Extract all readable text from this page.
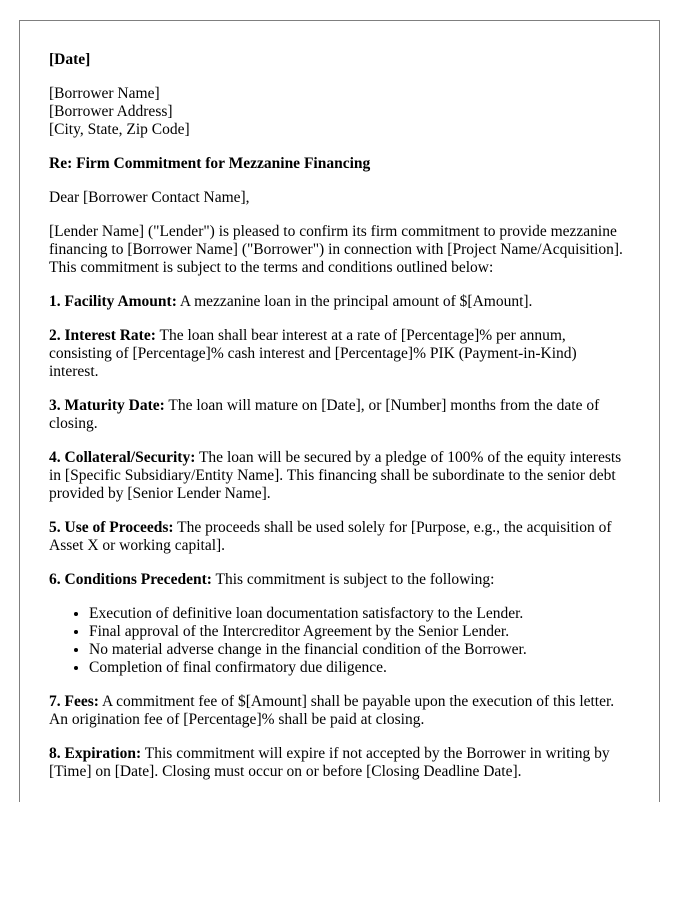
[Date]

[Borrower Name]
[Borrower Address]
[City, State, Zip Code]

Re: Firm Commitment for Mezzanine Financing

Dear [Borrower Contact Name],

[Lender Name] ("Lender") is pleased to confirm its firm commitment to provide mezzanine financing to [Borrower Name] ("Borrower") in connection with [Project Name/Acquisition]. This commitment is subject to the terms and conditions outlined below:

1. Facility Amount: A mezzanine loan in the principal amount of $[Amount].

2. Interest Rate: The loan shall bear interest at a rate of [Percentage]% per annum, consisting of [Percentage]% cash interest and [Percentage]% PIK (Payment-in-Kind) interest.

3. Maturity Date: The loan will mature on [Date], or [Number] months from the date of closing.

4. Collateral/Security: The loan will be secured by a pledge of 100% of the equity interests in [Specific Subsidiary/Entity Name]. This financing shall be subordinate to the senior debt provided by [Senior Lender Name].

5. Use of Proceeds: The proceeds shall be used solely for [Purpose, e.g., the acquisition of Asset X or working capital].

6. Conditions Precedent: This commitment is subject to the following:

• Execution of definitive loan documentation satisfactory to the Lender.
• Final approval of the Intercreditor Agreement by the Senior Lender.
• No material adverse change in the financial condition of the Borrower.
• Completion of final confirmatory due diligence.

7. Fees: A commitment fee of $[Amount] shall be payable upon the execution of this letter. An origination fee of [Percentage]% shall be paid at closing.

8. Expiration: This commitment will expire if not accepted by the Borrower in writing by [Time] on [Date]. Closing must occur on or before [Closing Deadline Date].
